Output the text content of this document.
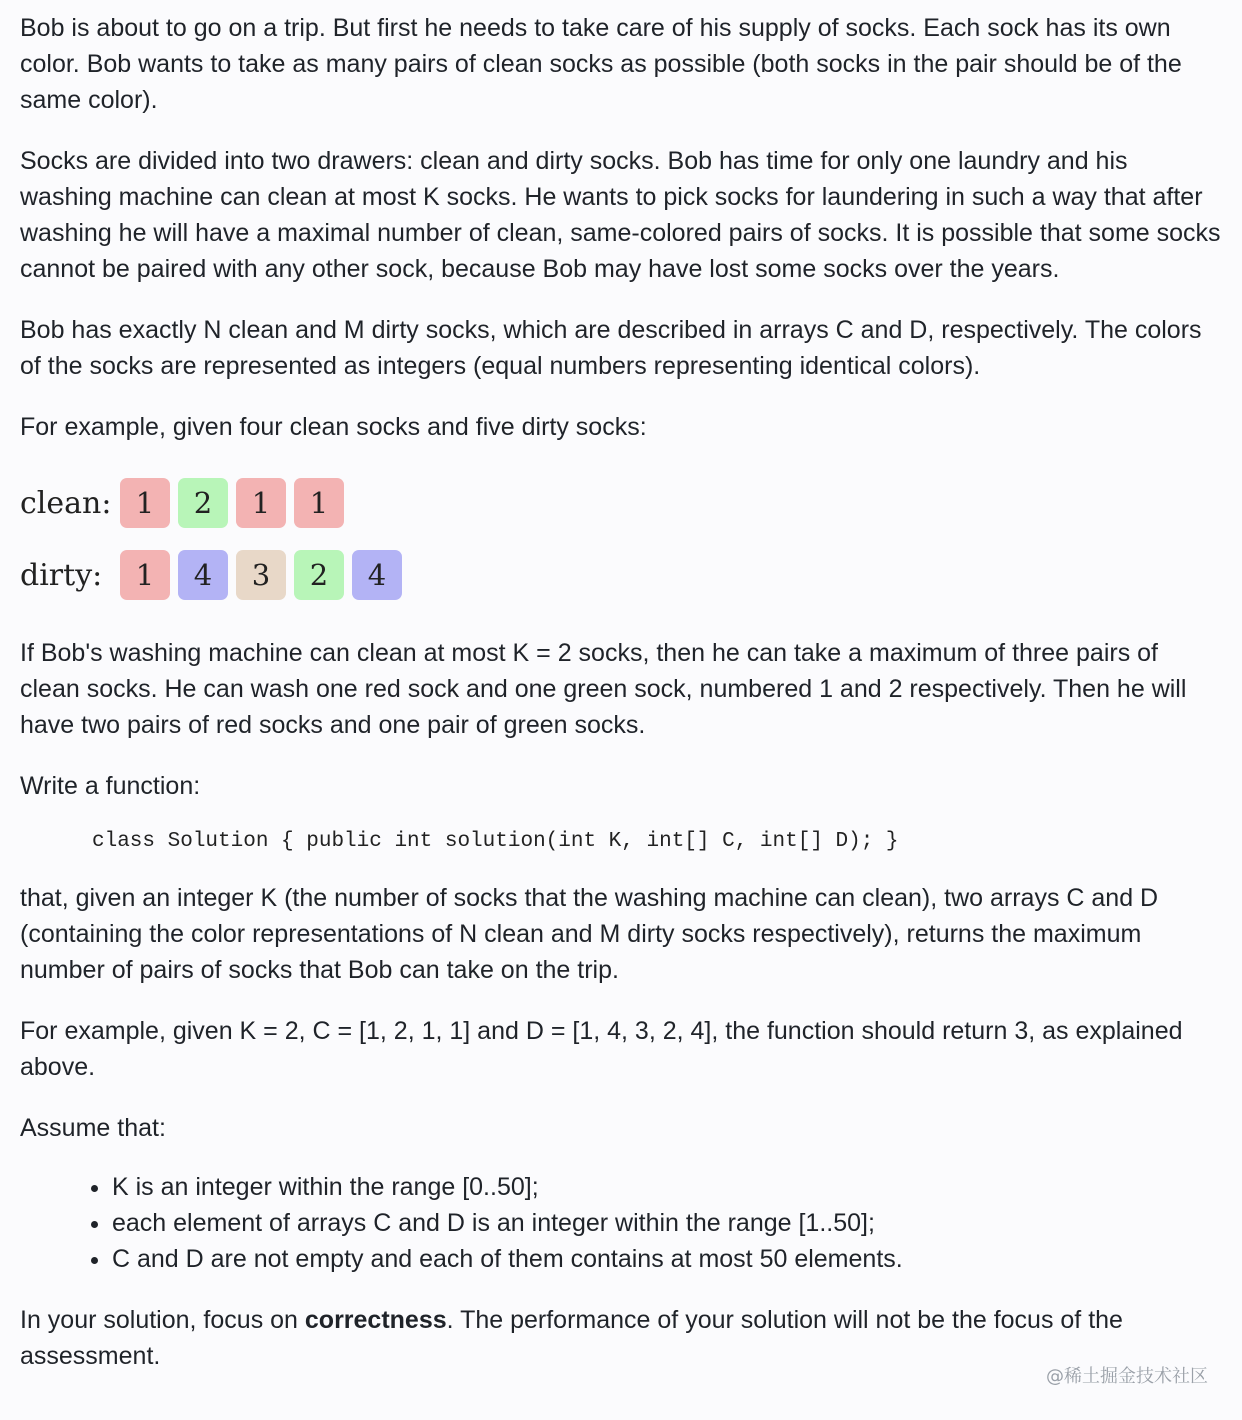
Bob is about to go on a trip. But first he needs to take care of his supply of socks. Each sock has its own color. Bob wants to take as many pairs of clean socks as possible (both socks in the pair should be of the same color).

Socks are divided into two drawers: clean and dirty socks. Bob has time for only one laundry and his washing machine can clean at most K socks. He wants to pick socks for laundering in such a way that after washing he will have a maximal number of clean, same-colored pairs of socks. It is possible that some socks cannot be paired with any other sock, because Bob may have lost some socks over the years.

Bob has exactly N clean and M dirty socks, which are described in arrays C and D, respectively. The colors of the socks are represented as integers (equal numbers representing identical colors).

For example, given four clean socks and five dirty socks:

clean: 1	2	1	1
dirty:	1	4	3	2	4

If Bob's washing machine can clean at most K = 2 socks, then he can take a maximum of three pairs of clean socks. He can wash one red sock and one green sock, numbered 1 and 2 respectively. Then he will have two pairs of red socks and one pair of green socks.

Write a function:

class Solution { public int solution(int K, int[] C, int[] D); }

that, given an integer K (the number of socks that the washing machine can clean), two arrays C and D (containing the color representations of N clean and M dirty socks respectively), returns the maximum number of pairs of socks that Bob can take on the trip.

For example, given K = 2, C = [1, 2, 1, 1] and D = [1, 4, 3, 2, 4], the function should return 3, as explained above.

Assume that:

• K is an integer within the range [0..50];
• each element of arrays C and D is an integer within the range [1..50];
• C and D are not empty and each of them contains at most 50 elements.

In your solution, focus on correctness. The performance of your solution will not be the focus of the assessment.

@稀土掘金技术社区
